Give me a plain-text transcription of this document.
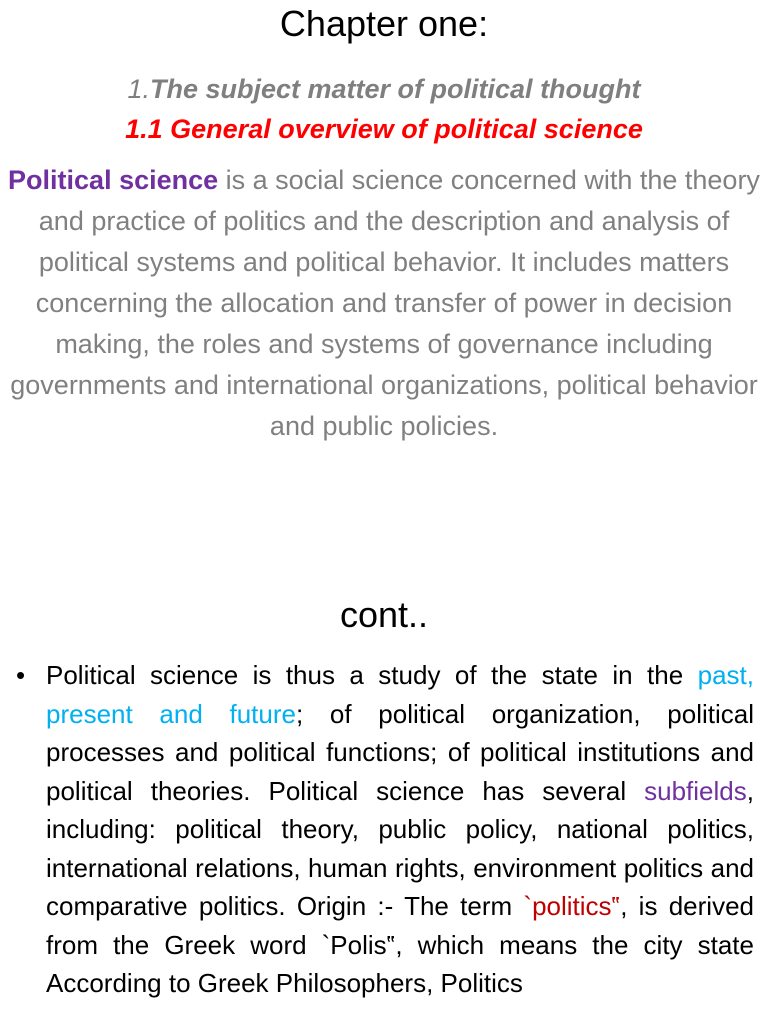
Chapter one:
1.The subject matter of political thought
1.1 General overview of political science
Political science is a social science concerned with the theory and practice of politics and the description and analysis of political systems and political behavior. It includes matters concerning the allocation and transfer of power in decision making, the roles and systems of governance including governments and international organizations, political behavior and public policies.
cont..
• Political science is thus a study of the state in the past, present and future; of political organization, political processes and political functions; of political institutions and political theories. Political science has several subfields, including: political theory, public policy, national politics, international relations, human rights, environment politics and comparative politics. Origin :- The term `politics‟, is derived from the Greek word `Polis‟, which means the city state According to Greek Philosophers, Politics
